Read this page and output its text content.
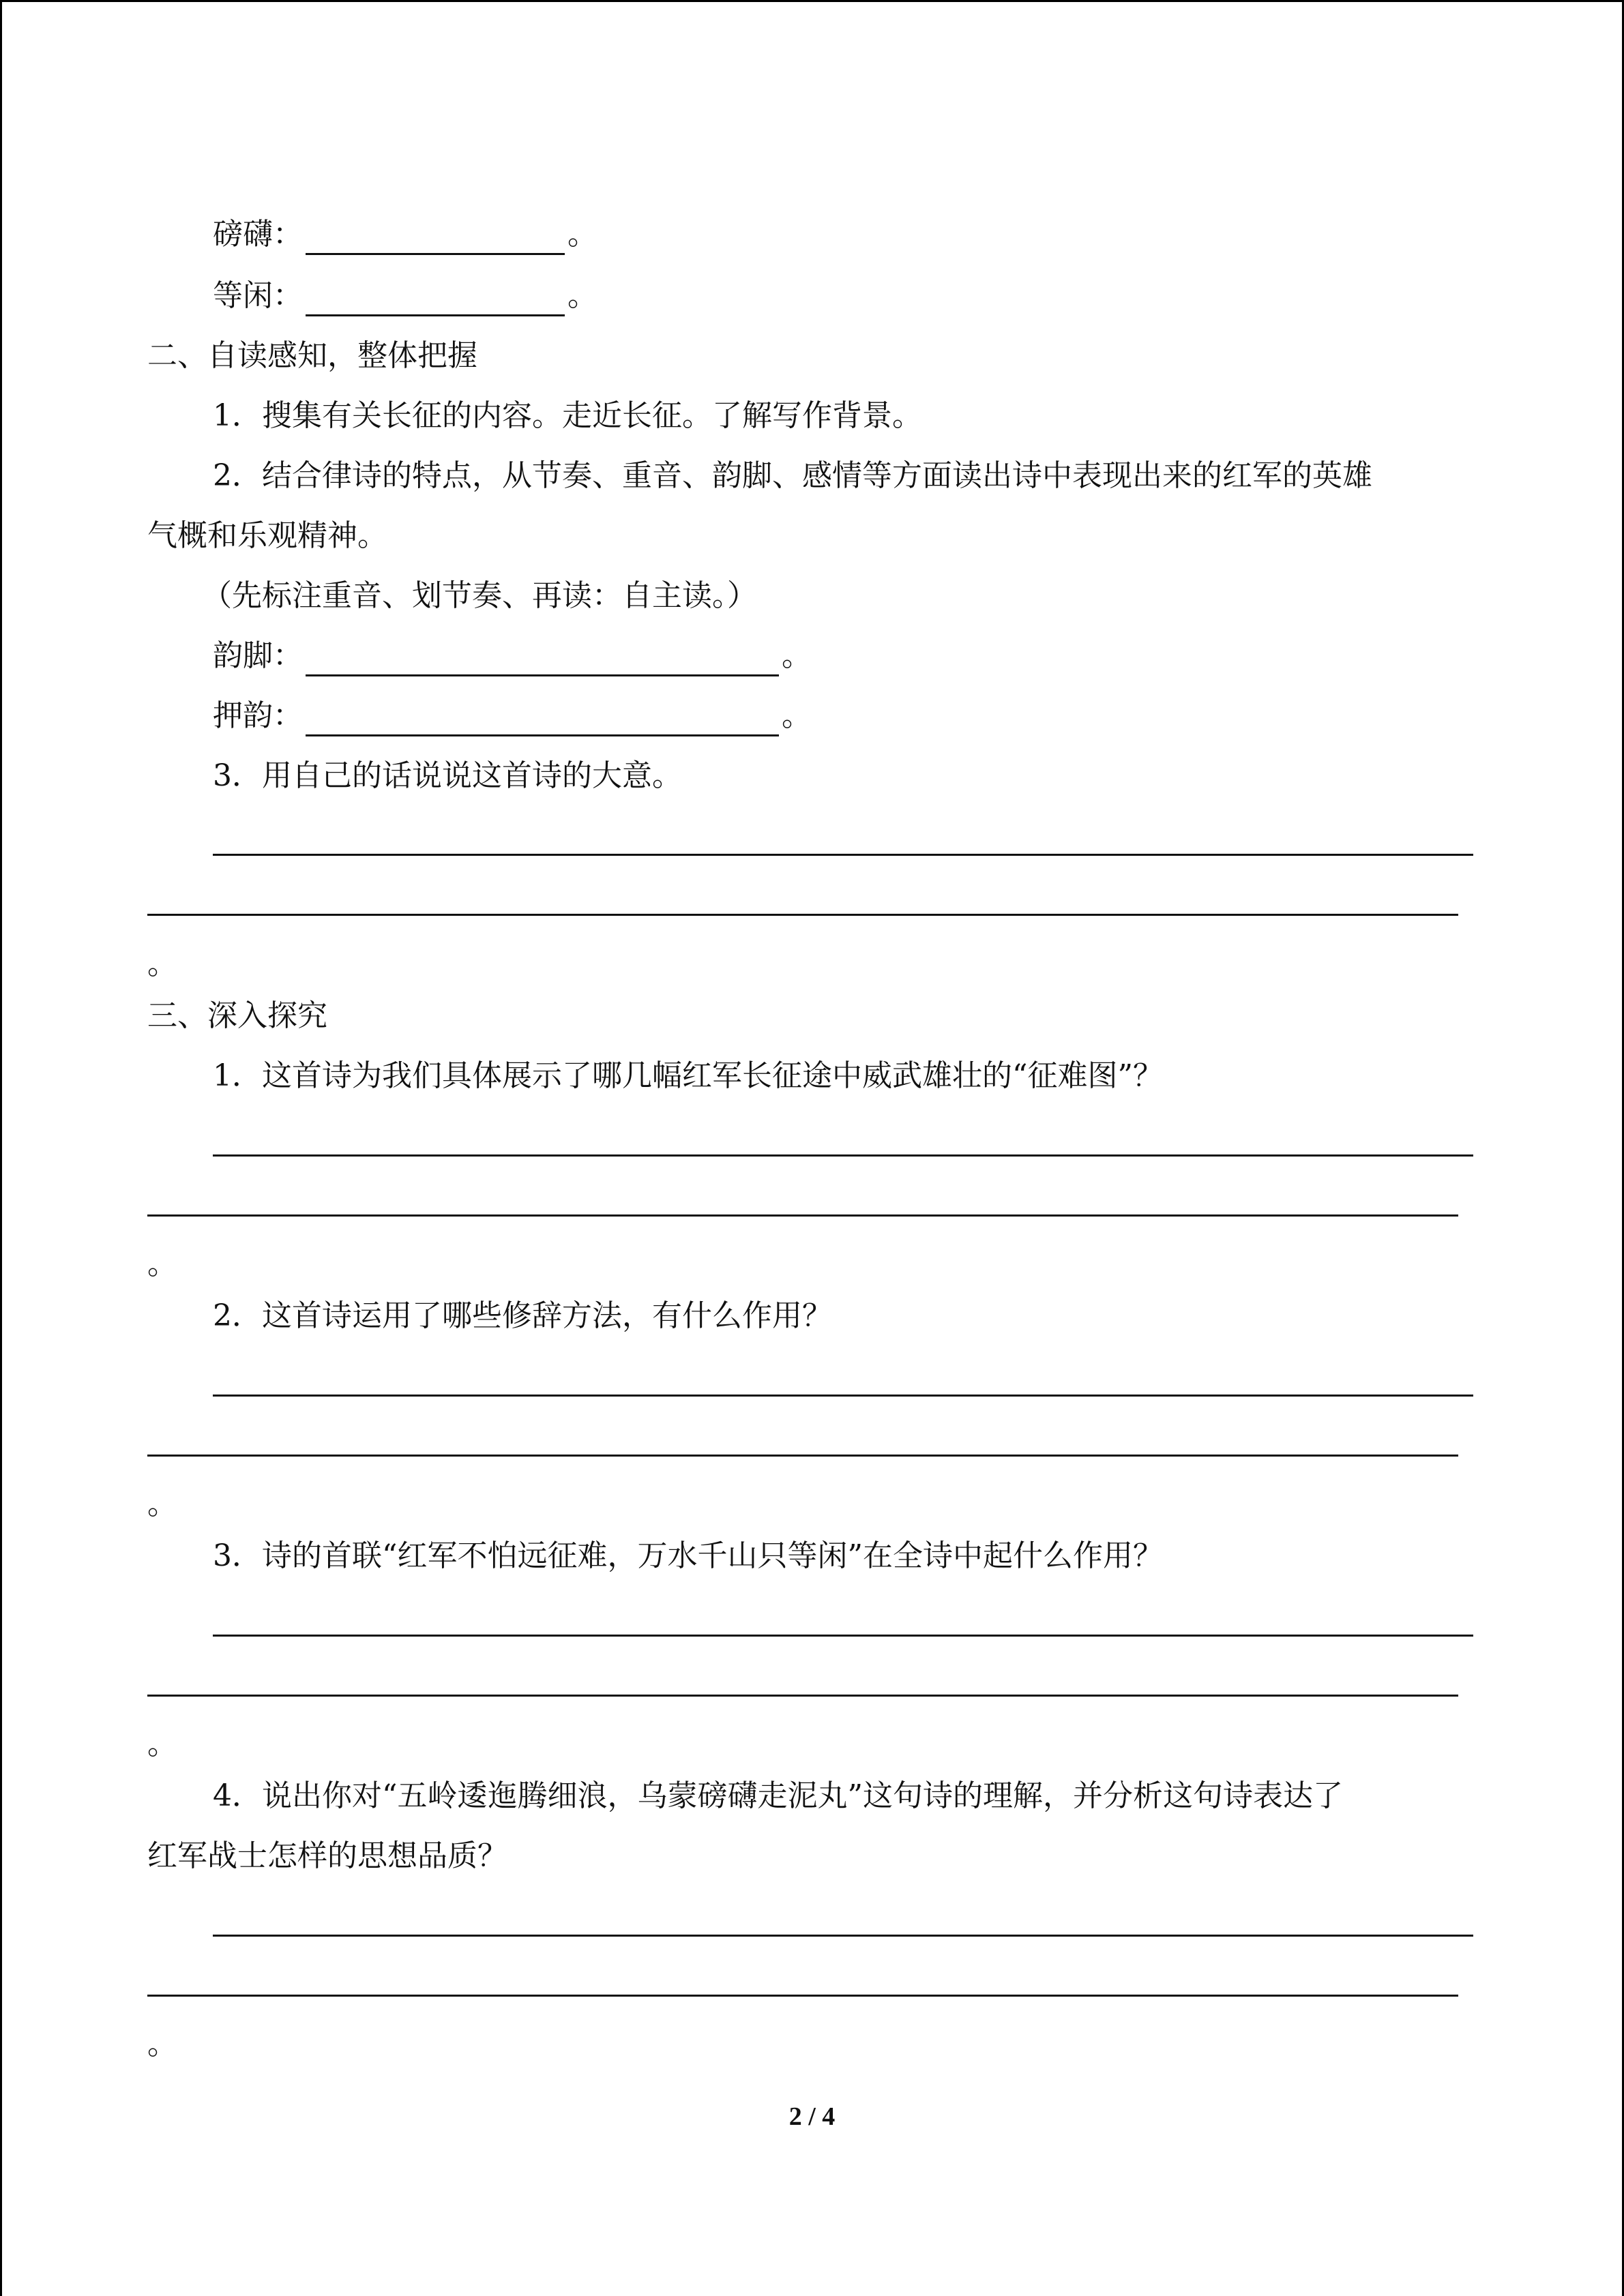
磅礴：	。
等闲：	。
二、自读感知，整体把握
1．搜集有关长征的内容。走近长征。了解写作背景。
2．结合律诗的特点，从节奏、重音、韵脚、感情等方面读出诗中表现出来的红军的英雄
气概和乐观精神。
（先标注重音、划节奏、再读：自主读。）
韵脚：	。
押韵：	。
3．用自己的话说说这首诗的大意。
。
三、深入探究
1．这首诗为我们具体展示了哪几幅红军长征途中威武雄壮的“征难图”？
。
2．这首诗运用了哪些修辞方法，有什么作用？
。
3．诗的首联“红军不怕远征难，万水千山只等闲”在全诗中起什么作用？
。
4．说出你对“五岭逶迤腾细浪，乌蒙磅礴走泥丸”这句诗的理解，并分析这句诗表达了
红军战士怎样的思想品质？
。
2 / 4
